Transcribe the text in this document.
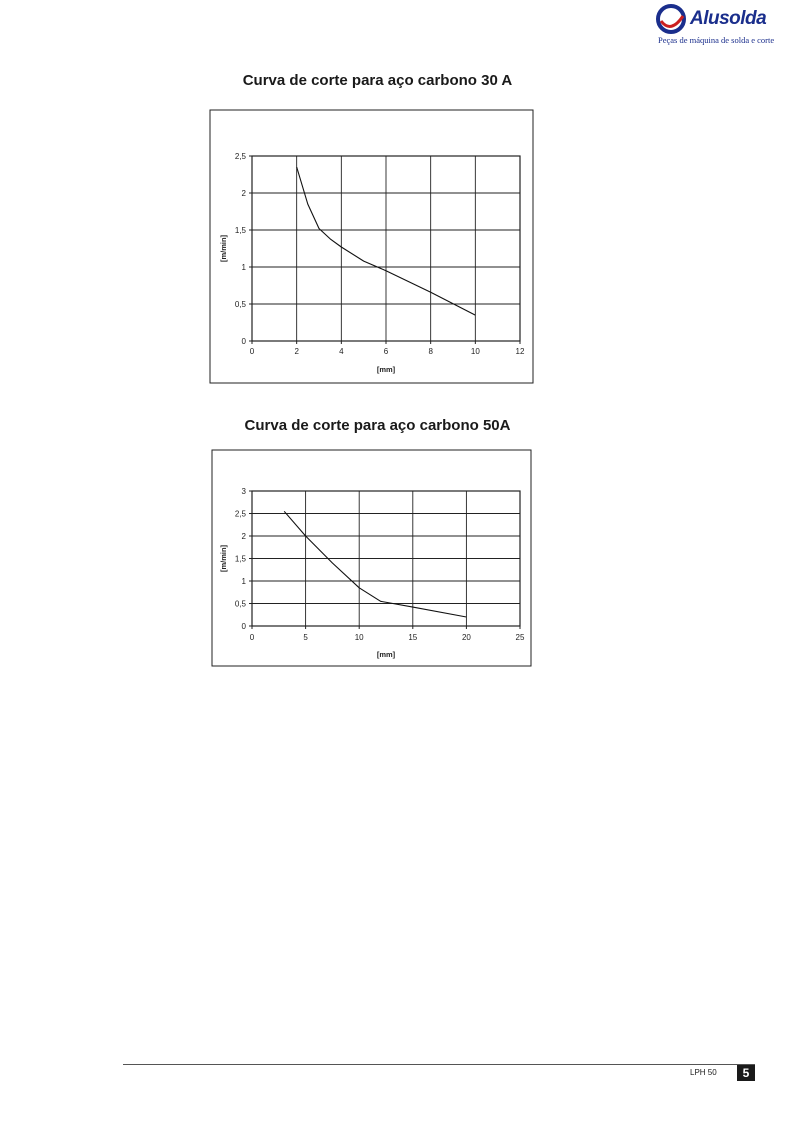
Alusolda
Peças de máquina de solda e corte
Curva de corte para aço carbono 30 A
0	2	4	6	8	10	12
0
0,5
1
1,5
2
2,5
[mm]
[m/min]
Curva de corte para aço carbono 50A
0	5	10	15	20	25
0
0,5
1
1,5
2
2,5
3
[mm]
[m/min]
LPH 50	5
